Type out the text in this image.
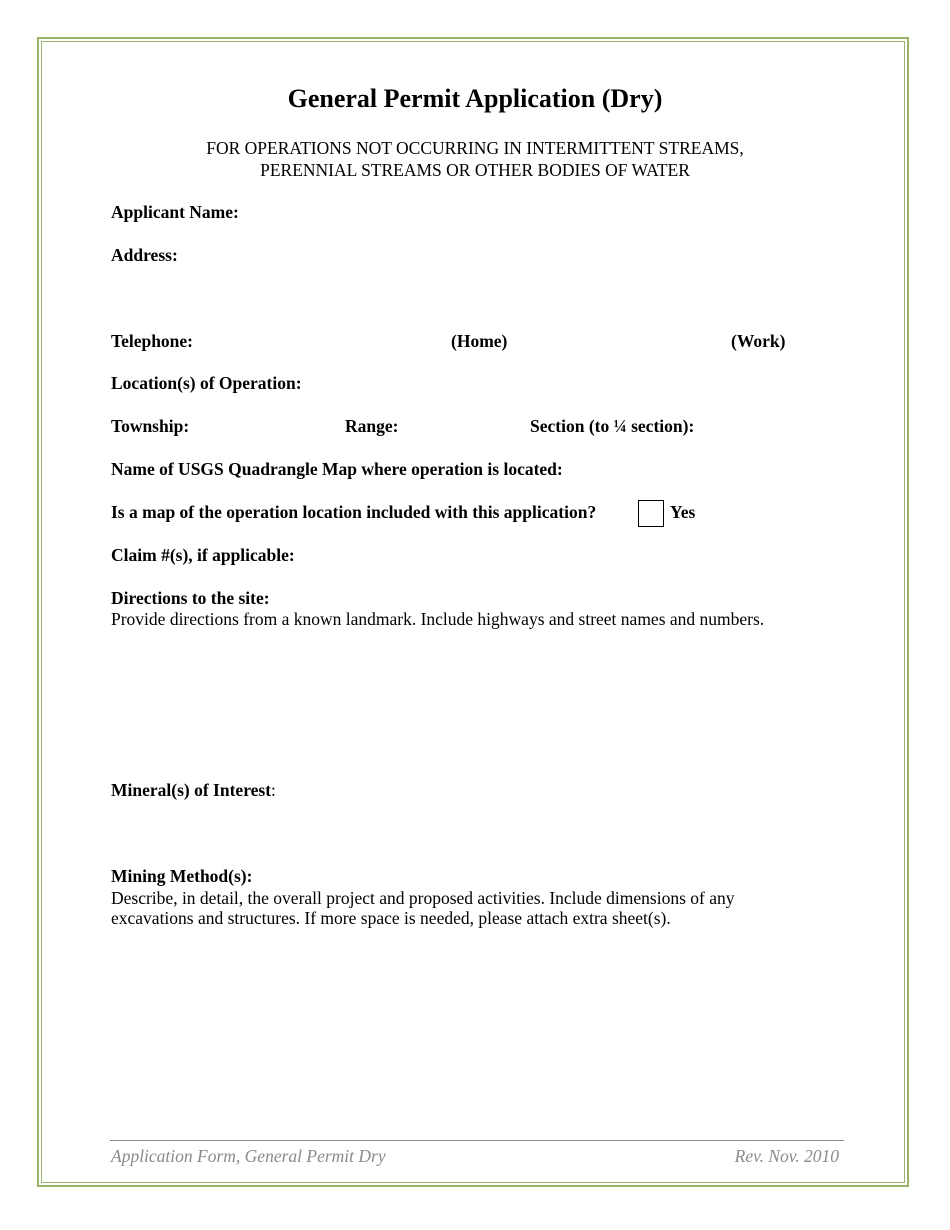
General Permit Application (Dry)
FOR OPERATIONS NOT OCCURRING IN INTERMITTENT STREAMS,
PERENNIAL STREAMS OR OTHER BODIES OF WATER
Applicant Name:
Address:
Telephone:	(Home)	(Work)
Location(s) of Operation:
Township:	Range:	Section (to ¼ section):
Name of USGS Quadrangle Map where operation is located:
Is a map of the operation location included with this application?	Yes
Claim #(s), if applicable:
Directions to the site:
Provide directions from a known landmark. Include highways and street names and numbers.
Mineral(s) of Interest:
Mining Method(s):
Describe, in detail, the overall project and proposed activities. Include dimensions of any
excavations and structures. If more space is needed, please attach extra sheet(s).
Application Form, General Permit Dry	Rev. Nov. 2010
